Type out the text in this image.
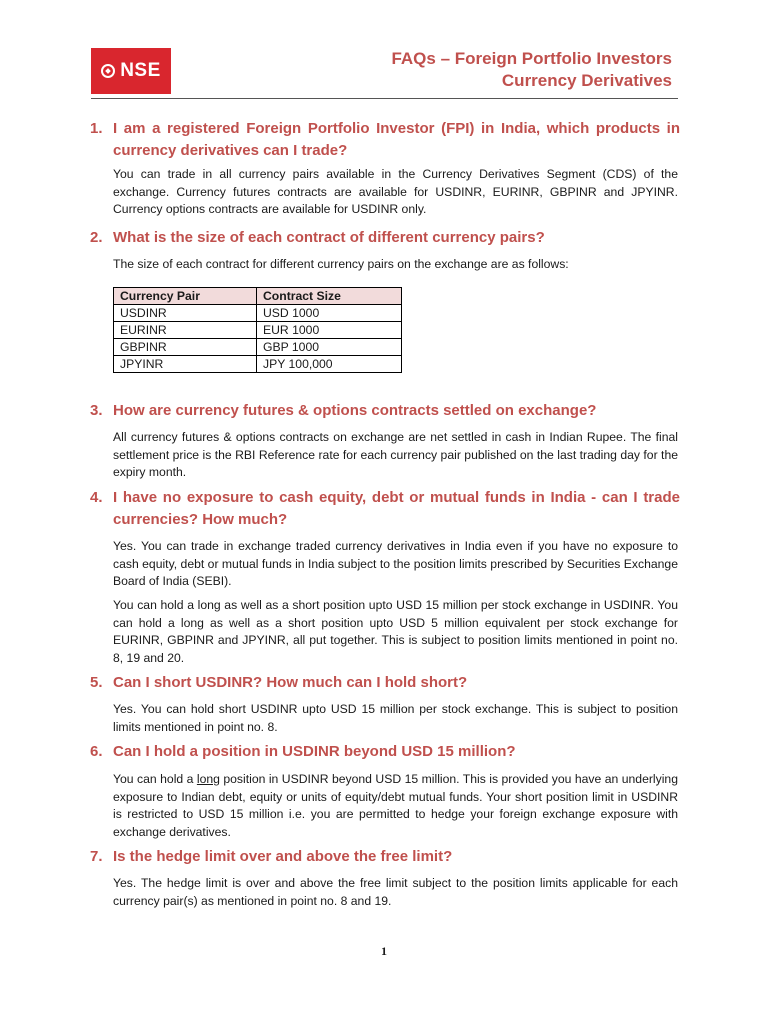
NSE
FAQs – Foreign Portfolio Investors
Currency Derivatives
1. I am a registered Foreign Portfolio Investor (FPI) in India, which products in currency derivatives can I trade?

You can trade in all currency pairs available in the Currency Derivatives Segment (CDS) of the exchange. Currency futures contracts are available for USDINR, EURINR, GBPINR and JPYINR. Currency options contracts are available for USDINR only.

2. What is the size of each contract of different currency pairs?

The size of each contract for different currency pairs on the exchange are as follows:

Currency Pair	Contract Size
USDINR	USD 1000
EURINR	EUR 1000
GBPINR	GBP 1000
JPYINR	JPY 100,000
3. How are currency futures & options contracts settled on exchange?

All currency futures & options contracts on exchange are net settled in cash in Indian Rupee. The final settlement price is the RBI Reference rate for each currency pair published on the last trading day for the expiry month.

4. I have no exposure to cash equity, debt or mutual funds in India - can I trade currencies? How much?

Yes. You can trade in exchange traded currency derivatives in India even if you have no exposure to cash equity, debt or mutual funds in India subject to the position limits prescribed by Securities Exchange Board of India (SEBI).

You can hold a long as well as a short position upto USD 15 million per stock exchange in USDINR. You can hold a long as well as a short position upto USD 5 million equivalent per stock exchange for EURINR, GBPINR and JPYINR, all put together. This is subject to position limits mentioned in point no. 8, 19 and 20.

5. Can I short USDINR? How much can I hold short?

Yes. You can hold short USDINR upto USD 15 million per stock exchange. This is subject to position limits mentioned in point no. 8.

6. Can I hold a position in USDINR beyond USD 15 million?

You can hold a long position in USDINR beyond USD 15 million. This is provided you have an underlying exposure to Indian debt, equity or units of equity/debt mutual funds. Your short position limit in USDINR is restricted to USD 15 million i.e. you are permitted to hedge your foreign exchange exposure with exchange derivatives.

7. Is the hedge limit over and above the free limit?

Yes. The hedge limit is over and above the free limit subject to the position limits applicable for each currency pair(s) as mentioned in point no. 8 and 19.

1
